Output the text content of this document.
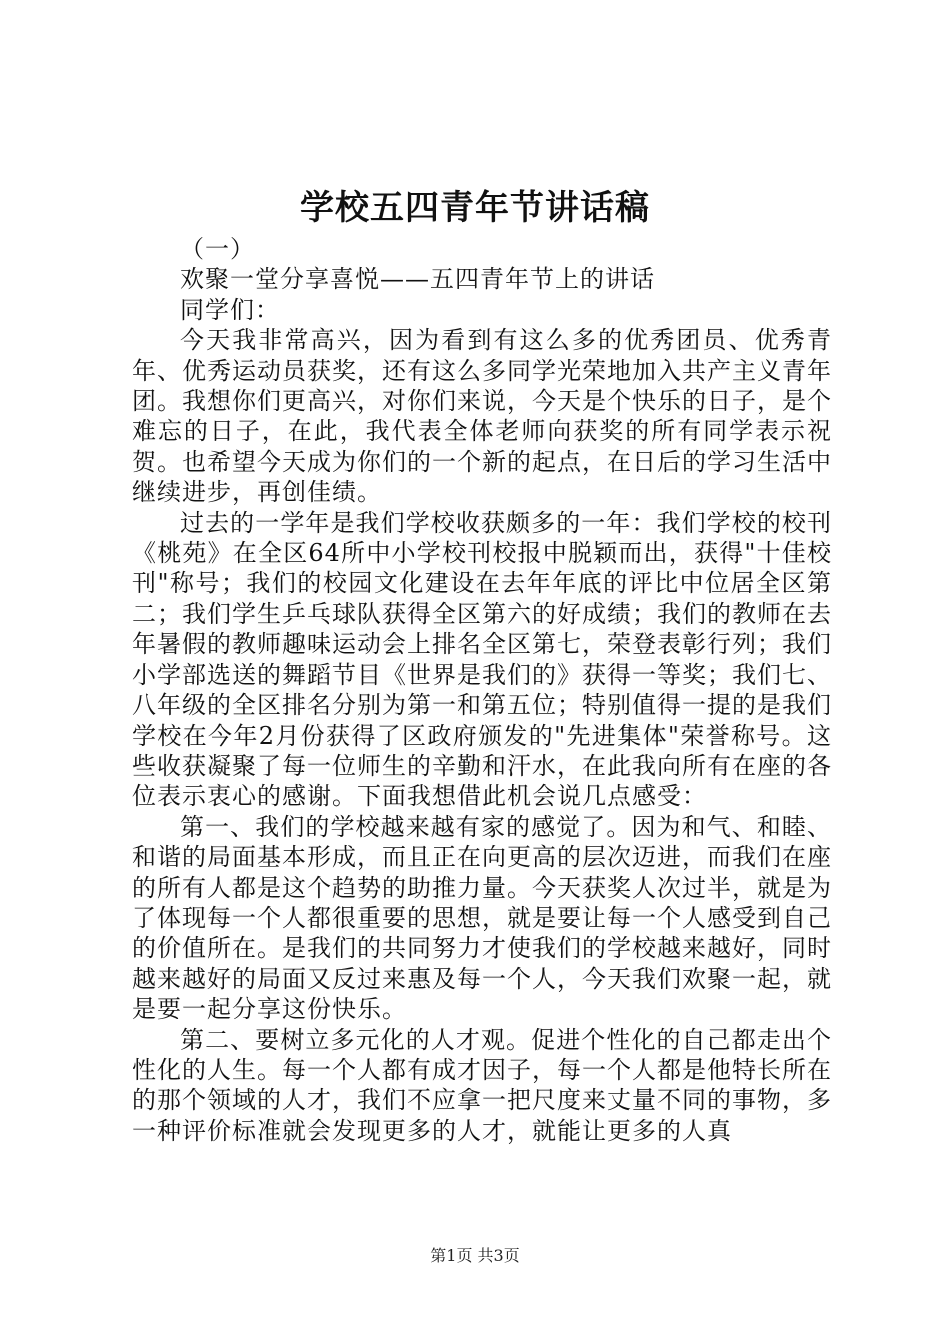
学校五四青年节讲话稿

（一）

欢聚一堂分享喜悦——五四青年节上的讲话

同学们：

今天我非常高兴，因为看到有这么多的优秀团员、优秀青年、优秀运动员获奖，还有这么多同学光荣地加入共产主义青年团。我想你们更高兴，对你们来说，今天是个快乐的日子，是个难忘的日子，在此，我代表全体老师向获奖的所有同学表示祝贺。也希望今天成为你们的一个新的起点，在日后的学习生活中继续进步，再创佳绩。

过去的一学年是我们学校收获颇多的一年：我们学校的校刊《桃苑》在全区64所中小学校刊校报中脱颖而出，获得"十佳校刊"称号；我们的校园文化建设在去年年底的评比中位居全区第二；我们学生乒乓球队获得全区第六的好成绩；我们的教师在去年暑假的教师趣味运动会上排名全区第七，荣登表彰行列；我们小学部选送的舞蹈节目《世界是我们的》获得一等奖；我们七、八年级的全区排名分别为第一和第五位；特别值得一提的是我们学校在今年2月份获得了区政府颁发的"先进集体"荣誉称号。这些收获凝聚了每一位师生的辛勤和汗水，在此我向所有在座的各位表示衷心的感谢。下面我想借此机会说几点感受：

第一、我们的学校越来越有家的感觉了。因为和气、和睦、和谐的局面基本形成，而且正在向更高的层次迈进，而我们在座的所有人都是这个趋势的助推力量。今天获奖人次过半，就是为了体现每一个人都很重要的思想，就是要让每一个人感受到自己的价值所在。是我们的共同努力才使我们的学校越来越好，同时越来越好的局面又反过来惠及每一个人，今天我们欢聚一起，就是要一起分享这份快乐。

第二、要树立多元化的人才观。促进个性化的自己都走出个性化的人生。每一个人都有成才因子，每一个人都是他特长所在的那个领域的人才，我们不应拿一把尺度来丈量不同的事物，多一种评价标准就会发现更多的人才，就能让更多的人真

第1页 共3页
